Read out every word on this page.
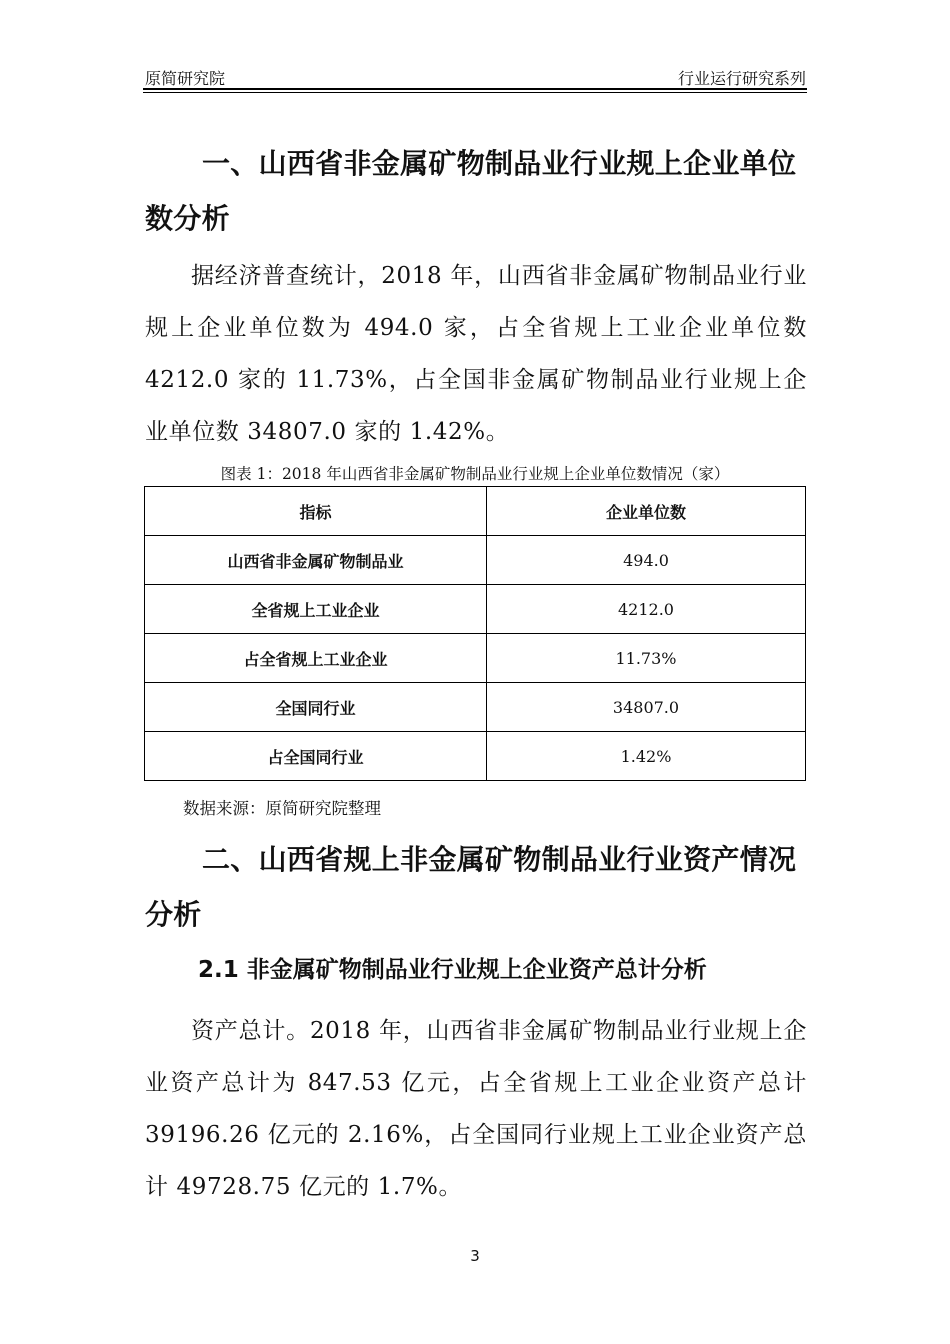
原简研究院	行业运行研究系列
一、山西省非金属矿物制品业行业规上企业单位数分析
据经济普查统计，2018 年，山西省非金属矿物制品业行业规上企业单位数为 494.0 家，占全省规上工业企业单位数 4212.0 家的 11.73%，占全国非金属矿物制品业行业规上企业单位数 34807.0 家的 1.42%。
图表 1：2018 年山西省非金属矿物制品业行业规上企业单位数情况（家）
指标	企业单位数
山西省非金属矿物制品业	494.0
全省规上工业企业	4212.0
占全省规上工业企业	11.73%
全国同行业	34807.0
占全国同行业	1.42%
数据来源：原简研究院整理
二、山西省规上非金属矿物制品业行业资产情况分析
2.1 非金属矿物制品业行业规上企业资产总计分析
资产总计。2018 年，山西省非金属矿物制品业行业规上企业资产总计为 847.53 亿元，占全省规上工业企业资产总计 39196.26 亿元的 2.16%，占全国同行业规上工业企业资产总计 49728.75 亿元的 1.7%。
3
